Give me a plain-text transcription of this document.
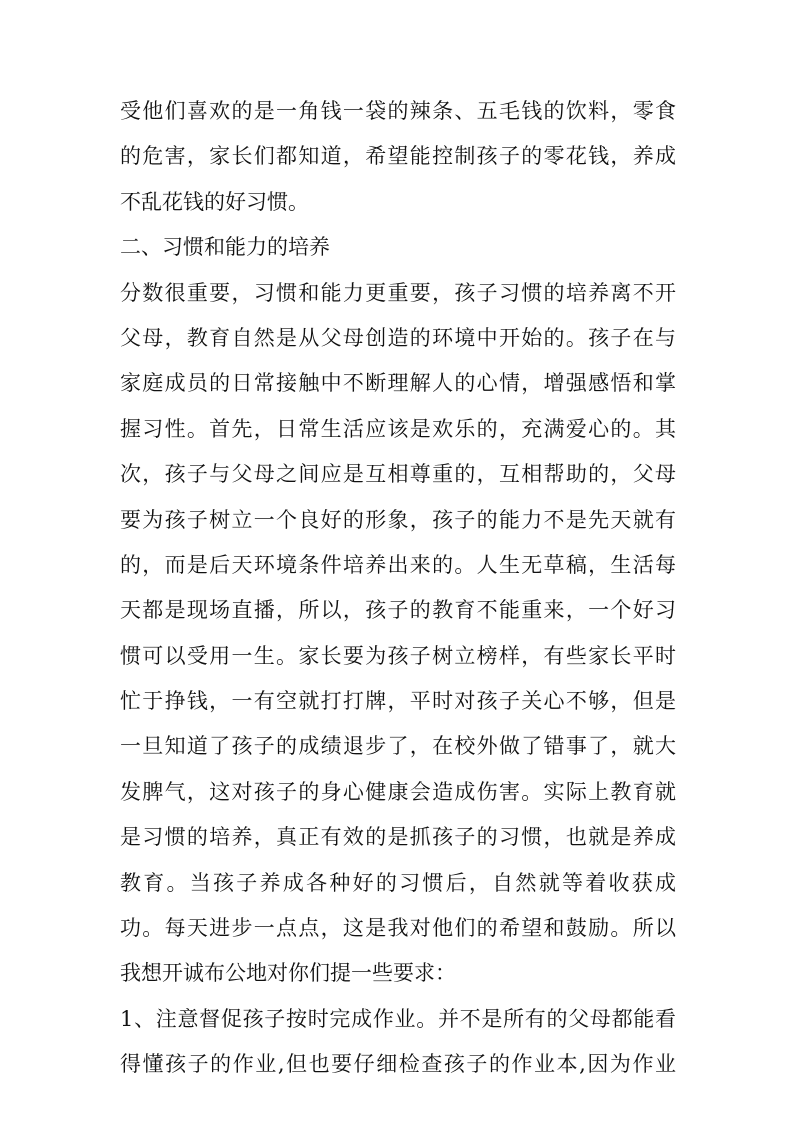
受他们喜欢的是一角钱一袋的辣条、五毛钱的饮料，零食
的危害，家长们都知道，希望能控制孩子的零花钱，养成
不乱花钱的好习惯。
二、习惯和能力的培养
分数很重要，习惯和能力更重要，孩子习惯的培养离不开
父母，教育自然是从父母创造的环境中开始的。孩子在与
家庭成员的日常接触中不断理解人的心情，增强感悟和掌
握习性。首先，日常生活应该是欢乐的，充满爱心的。其
次，孩子与父母之间应是互相尊重的，互相帮助的，父母
要为孩子树立一个良好的形象，孩子的能力不是先天就有
的，而是后天环境条件培养出来的。人生无草稿，生活每
天都是现场直播，所以，孩子的教育不能重来，一个好习
惯可以受用一生。家长要为孩子树立榜样，有些家长平时
忙于挣钱，一有空就打打牌，平时对孩子关心不够，但是
一旦知道了孩子的成绩退步了，在校外做了错事了，就大
发脾气，这对孩子的身心健康会造成伤害。实际上教育就
是习惯的培养，真正有效的是抓孩子的习惯，也就是养成
教育。当孩子养成各种好的习惯后，自然就等着收获成
功。每天进步一点点，这是我对他们的希望和鼓励。所以
我想开诚布公地对你们提一些要求：
1、注意督促孩子按时完成作业。并不是所有的父母都能看
得懂孩子的作业,但也要仔细检查孩子的作业本,因为作业
